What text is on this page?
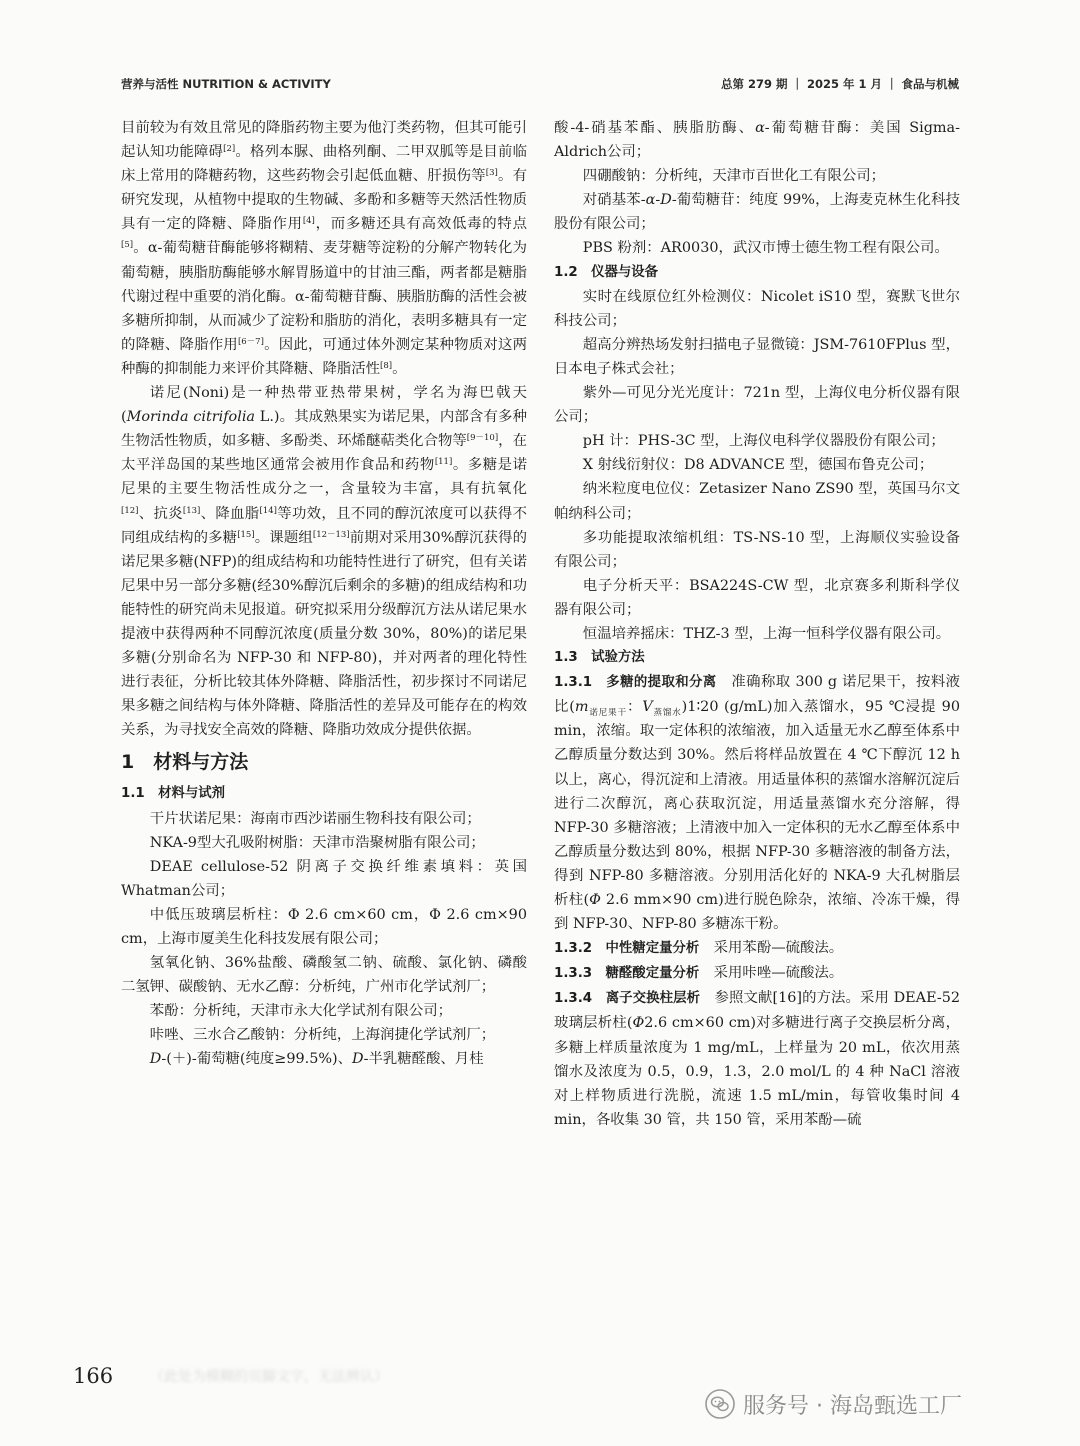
营养与活性 NUTRITION & ACTIVITY	总第 279 期 ｜ 2025 年 1 月 ｜ 食品与机械

目前较为有效且常见的降脂药物主要为他汀类药物，但其可能引起认知功能障碍[2]。格列本脲、曲格列酮、二甲双胍等是目前临床上常用的降糖药物，这些药物会引起低血糖、肝损伤等[3]。有研究发现，从植物中提取的生物碱、多酚和多糖等天然活性物质具有一定的降糖、降脂作用[4]，而多糖还具有高效低毒的特点[5]。α-葡萄糖苷酶能够将糊精、麦芽糖等淀粉的分解产物转化为葡萄糖，胰脂肪酶能够水解胃肠道中的甘油三酯，两者都是糖脂代谢过程中重要的消化酶。α-葡萄糖苷酶、胰脂肪酶的活性会被多糖所抑制，从而减少了淀粉和脂肪的消化，表明多糖具有一定的降糖、降脂作用[6－7]。因此，可通过体外测定某种物质对这两种酶的抑制能力来评价其降糖、降脂活性[8]。

诺尼(Noni)是一种热带亚热带果树，学名为海巴戟天(Morinda citrifolia L.)。其成熟果实为诺尼果，内部含有多种生物活性物质，如多糖、多酚类、环烯醚萜类化合物等[9－10]，在太平洋岛国的某些地区通常会被用作食品和药物[11]。多糖是诺尼果的主要生物活性成分之一，含量较为丰富，具有抗氧化[12]、抗炎[13]、降血脂[14]等功效，且不同的醇沉浓度可以获得不同组成结构的多糖[15]。课题组[12－13]前期对采用30%醇沉获得的诺尼果多糖(NFP)的组成结构和功能特性进行了研究，但有关诺尼果中另一部分多糖(经30%醇沉后剩余的多糖)的组成结构和功能特性的研究尚未见报道。研究拟采用分级醇沉方法从诺尼果水提液中获得两种不同醇沉浓度(质量分数 30%，80%)的诺尼果多糖(分别命名为 NFP-30 和 NFP-80)，并对两者的理化特性进行表征，分析比较其体外降糖、降脂活性，初步探讨不同诺尼果多糖之间结构与体外降糖、降脂活性的差异及可能存在的构效关系，为寻找安全高效的降糖、降脂功效成分提供依据。

1　材料与方法

1.1　材料与试剂

干片状诺尼果：海南市西沙诺丽生物科技有限公司；

NKA-9型大孔吸附树脂：天津市浩聚树脂有限公司；

DEAE cellulose-52 阴离子交换纤维素填料：英国 Whatman公司；

中低压玻璃层析柱：Φ 2.6 cm×60 cm，Φ 2.6 cm×90 cm，上海市厦美生化科技发展有限公司；

氢氧化钠、36%盐酸、磷酸氢二钠、硫酸、氯化钠、磷酸二氢钾、碳酸钠、无水乙醇：分析纯，广州市化学试剂厂；

苯酚：分析纯，天津市永大化学试剂有限公司；

咔唑、三水合乙酸钠：分析纯，上海润捷化学试剂厂；

D-(＋)-葡萄糖(纯度≥99.5%)、D-半乳糖醛酸、月桂

酸-4-硝基苯酯、胰脂肪酶、α-葡萄糖苷酶：美国 Sigma-Aldrich公司；

四硼酸钠：分析纯，天津市百世化工有限公司；

对硝基苯-α-D-葡萄糖苷：纯度 99%，上海麦克林生化科技股份有限公司；

PBS 粉剂：AR0030，武汉市博士德生物工程有限公司。

1.2　仪器与设备

实时在线原位红外检测仪：Nicolet iS10 型，赛默飞世尔科技公司；

超高分辨热场发射扫描电子显微镜：JSM-7610FPlus 型，日本电子株式会社；

紫外—可见分光光度计：721n 型，上海仪电分析仪器有限公司；

pH 计：PHS-3C 型，上海仪电科学仪器股份有限公司；

X 射线衍射仪：D8 ADVANCE 型，德国布鲁克公司；

纳米粒度电位仪：Zetasizer Nano ZS90 型，英国马尔文帕纳科公司；

多功能提取浓缩机组：TS-NS-10 型，上海顺仪实验设备有限公司；

电子分析天平：BSA224S-CW 型，北京赛多利斯科学仪器有限公司；

恒温培养摇床：THZ-3 型，上海一恒科学仪器有限公司。

1.3　试验方法

1.3.1　多糖的提取和分离　准确称取 300 g 诺尼果干，按料液比($m_{诺尼果干}$：$V_{蒸馏水})1∶20$ (g/mL)加入蒸馏水，95 ℃浸提 90 min，浓缩。取一定体积的浓缩液，加入适量无水乙醇至体系中乙醇质量分数达到 30%。然后将样品放置在 4 ℃下醇沉 12 h 以上，离心，得沉淀和上清液。用适量体积的蒸馏水溶解沉淀后进行二次醇沉，离心获取沉淀，用适量蒸馏水充分溶解，得 NFP-30 多糖溶液；上清液中加入一定体积的无水乙醇至体系中乙醇质量分数达到 80%，根据 NFP-30 多糖溶液的制备方法，得到 NFP-80 多糖溶液。分别用活化好的 NKA-9 大孔树脂层析柱(Φ 2.6 mm×90 cm)进行脱色除杂，浓缩、冷冻干燥，得到 NFP-30、NFP-80 多糖冻干粉。

1.3.2　中性糖定量分析　采用苯酚—硫酸法。

1.3.3　糖醛酸定量分析　采用咔唑—硫酸法。

1.3.4　离子交换柱层析　参照文献[16]的方法。采用 DEAE-52 玻璃层析柱(Φ2.6 cm×60 cm)对多糖进行离子交换层析分离，多糖上样质量浓度为 1 mg/mL，上样量为 20 mL，依次用蒸馏水及浓度为 0.5，0.9，1.3，2.0 mol/L 的 4 种 NaCl 溶液对上样物质进行洗脱，流速 1.5 mL/min，每管收集时间 4 min，各收集 30 管，共 150 管，采用苯酚—硫

166	（此处为模糊的页脚文字，无法辨认）
服务号 · 海岛甄选工厂
